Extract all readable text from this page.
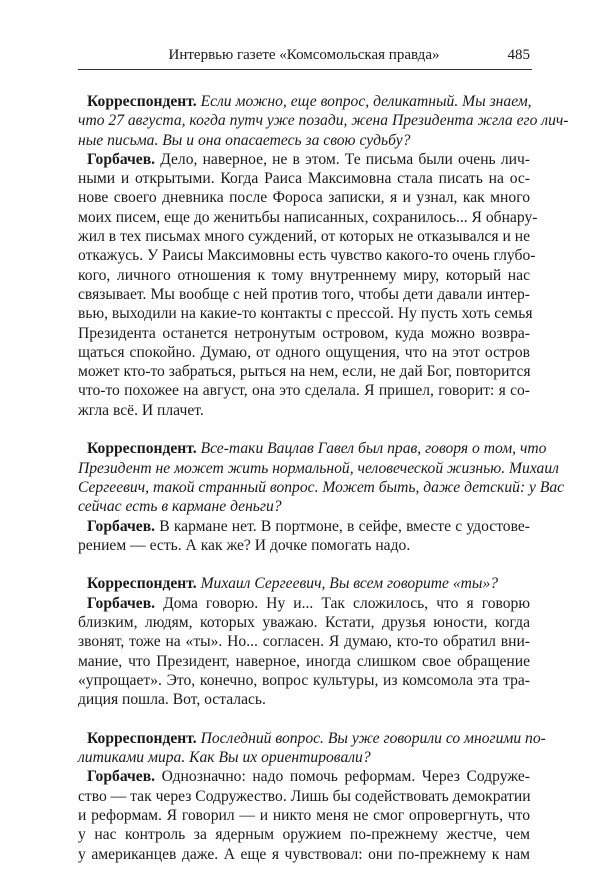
Интервью газете «Комсомольская правда»	485
Корреспондент. Если можно, еще вопрос, деликатный. Мы знаем,
что 27 августа, когда путч уже позади, жена Президента жгла его лич-
ные письма. Вы и она опасаетесь за свою судьбу?
Горбачев. Дело, наверное, не в этом. Те письма были очень лич-
ными и открытыми. Когда Раиса Максимовна стала писать на ос-
нове своего дневника после Фороса записки, я и узнал, как много
моих писем, еще до женитьбы написанных, сохранилось... Я обнару-
жил в тех письмах много суждений, от которых не отказывался и не
откажусь. У Раисы Максимовны есть чувство какого-то очень глубо-
кого, личного отношения к тому внутреннему миру, который нас
связывает. Мы вообще с ней против того, чтобы дети давали интер-
вью, выходили на какие-то контакты с прессой. Ну пусть хоть семья
Президента останется нетронутым островом, куда можно возвра-
щаться спокойно. Думаю, от одного ощущения, что на этот остров
может кто-то забраться, рыться на нем, если, не дай Бог, повторится
что-то похожее на август, она это сделала. Я пришел, говорит: я со-
жгла всё. И плачет.
Корреспондент. Все-таки Вацлав Гавел был прав, говоря о том, что
Президент не может жить нормальной, человеческой жизнью. Михаил
Сергеевич, такой странный вопрос. Может быть, даже детский: у Вас
сейчас есть в кармане деньги?
Горбачев. В кармане нет. В портмоне, в сейфе, вместе с удостове-
рением — есть. А как же? И дочке помогать надо.
Корреспондент. Михаил Сергеевич, Вы всем говорите «ты»?
Горбачев. Дома говорю. Ну и... Так сложилось, что я говорю
близким, людям, которых уважаю. Кстати, друзья юности, когда
звонят, тоже на «ты». Но... согласен. Я думаю, кто-то обратил вни-
мание, что Президент, наверное, иногда слишком свое обращение
«упрощает». Это, конечно, вопрос культуры, из комсомола эта тра-
диция пошла. Вот, осталась.
Корреспондент. Последний вопрос. Вы уже говорили со многими по-
литиками мира. Как Вы их ориентировали?
Горбачев. Однозначно: надо помочь реформам. Через Содруже-
ство — так через Содружество. Лишь бы содействовать демократии
и реформам. Я говорил — и никто меня не смог опровергнуть, что
у нас контроль за ядерным оружием по-прежнему жестче, чем
у американцев даже. А еще я чувствовал: они по-прежнему к нам
